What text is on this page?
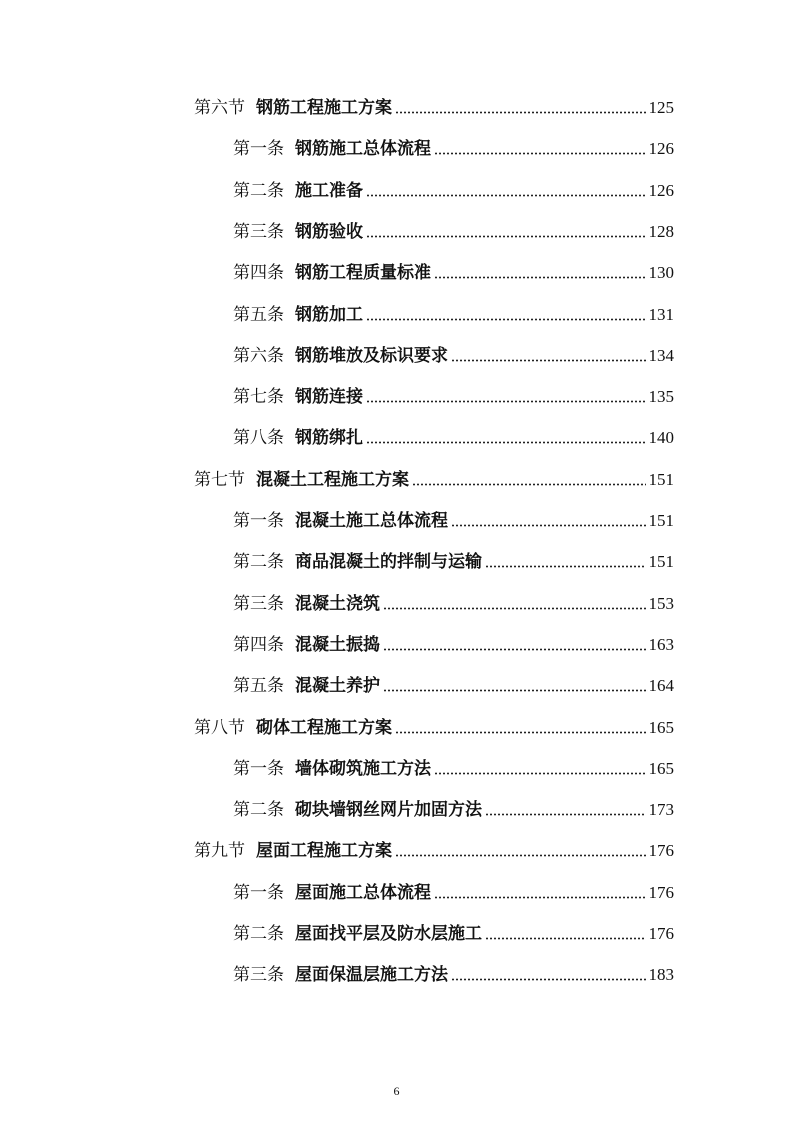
第六节 钢筋工程施工方案	125
第一条 钢筋施工总体流程	126
第二条 施工准备	126
第三条 钢筋验收	128
第四条 钢筋工程质量标准	130
第五条 钢筋加工	131
第六条 钢筋堆放及标识要求	134
第七条 钢筋连接	135
第八条 钢筋绑扎	140
第七节 混凝土工程施工方案	151
第一条 混凝土施工总体流程	151
第二条 商品混凝土的拌制与运输	151
第三条 混凝土浇筑	153
第四条 混凝土振捣	163
第五条 混凝土养护	164
第八节 砌体工程施工方案	165
第一条 墙体砌筑施工方法	165
第二条 砌块墙钢丝网片加固方法	173
第九节 屋面工程施工方案	176
第一条 屋面施工总体流程	176
第二条 屋面找平层及防水层施工	176
第三条 屋面保温层施工方法	183
6
